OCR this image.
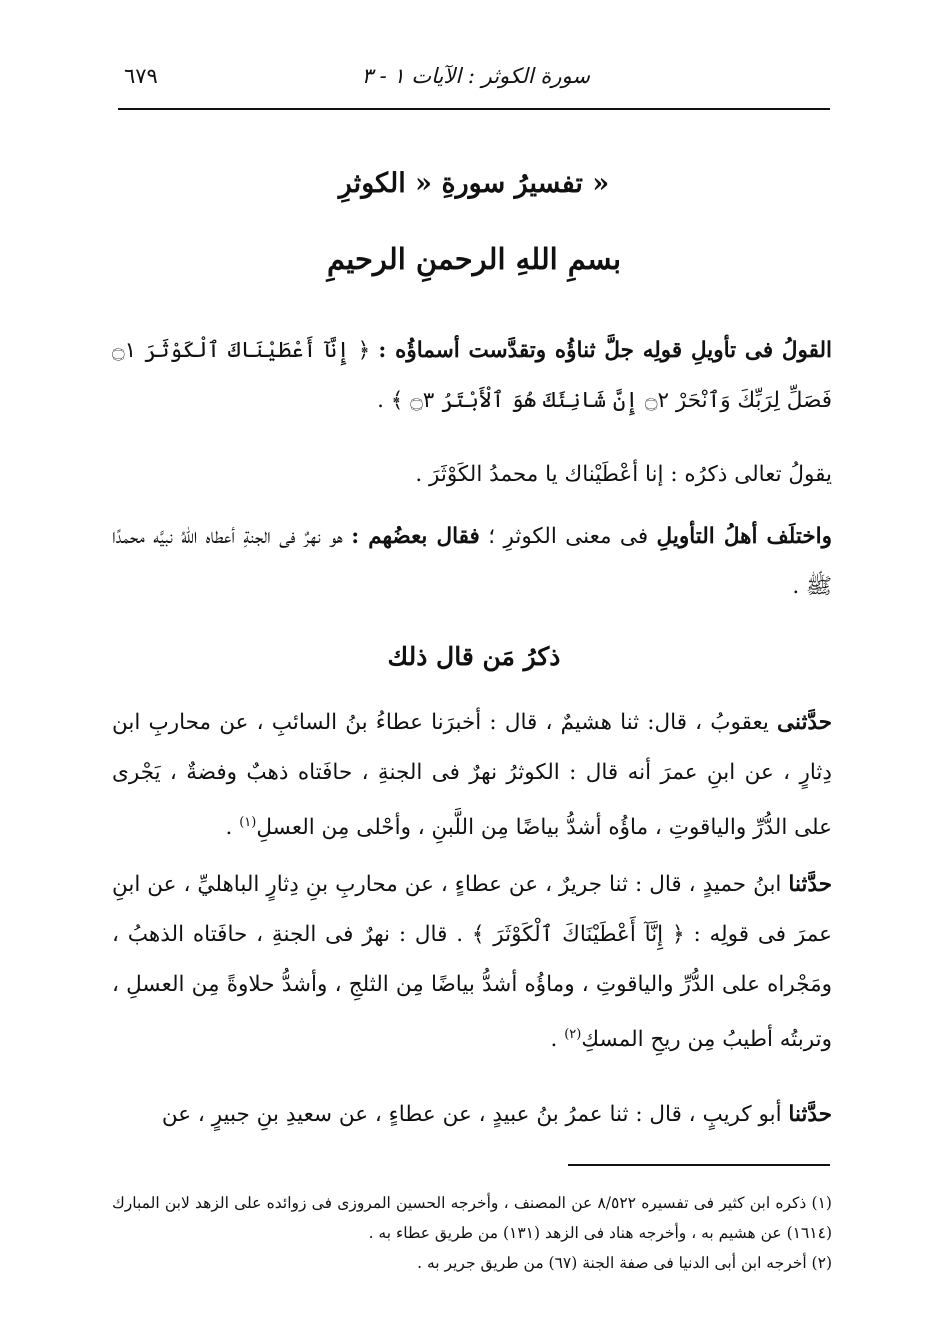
٦٧٩	سورة الكوثر : الآيات ١ - ٣
تفسيرُ سورةِ « الكوثرِ »
بسمِ اللهِ الرحمنِ الرحيمِ
القولُ فى تأويلِ قولِه جلَّ ثناؤُه وتقدَّست أسماؤُه : ﴿ إِنَّآ أَعْطَيْنَاكَ ٱلْكَوْثَرَ ۝١ فَصَلِّ لِرَبِّكَ وَٱنْحَرْ ۝٢ إِنَّ شَانِئَكَ هُوَ ٱلْأَبْتَرُ ۝٣ ﴾ .
يقولُ تعالى ذكرُه : إنا أعْطَيْناك يا محمدُ الكَوْثَرَ .
واختلَف أهلُ التأويلِ فى معنى الكوثرِ ؛ فقال بعضُهم : هو نهرٌ فى الجنةِ أعطاه اللهُ نبيَّه محمدًا ﷺ .
ذكرُ مَن قال ذلك
حدَّثنى يعقوبُ ، قال: ثنا هشيمٌ ، قال : أخبرَنا عطاءُ بنُ السائبِ ، عن محاربِ ابن دِثارٍ ، عن ابنِ عمرَ أنه قال : الكوثرُ نهرٌ فى الجنةِ ، حافَتاه ذهبٌ وفضةٌ ، يَجْرى على الدُّرِّ والياقوتِ ، ماؤُه أشدُّ بياضًا مِن اللَّبنِ ، وأحْلى مِن العسلِ$^{(١)}$ .
حدَّثنا ابنُ حميدٍ ، قال : ثنا جريرٌ ، عن عطاءٍ ، عن محاربِ بنِ دِثارٍ الباهليِّ ، عن ابنِ عمرَ فى قولِه : ﴿ إِنَّآ أَعْطَيْنَاكَ ٱلْكَوْثَرَ ﴾ . قال : نهرٌ فى الجنةِ ، حافَتاه الذهبُ ، ومَجْراه على الدُّرِّ والياقوتِ ، وماؤُه أشدُّ بياضًا مِن الثلجِ ، وأشدُّ حلاوةً مِن العسلِ ، وتربتُه أطيبُ مِن ريحِ المسكِ$^{(٢)}$ .
حدَّثنا أبو كريبٍ ، قال : ثنا عمرُ بنُ عبيدٍ ، عن عطاءٍ ، عن سعيدِ بنِ جبيرٍ ، عن
(١) ذكره ابن كثير فى تفسيره ٨/٥٢٢ عن المصنف ، وأخرجه الحسين المروزى فى زوائده على الزهد لابن المبارك (١٦١٤) عن هشيم به ، وأخرجه هناد فى الزهد (١٣١) من طريق عطاء به .
(٢) أخرجه ابن أبى الدنيا فى صفة الجنة (٦٧) من طريق جرير به .
